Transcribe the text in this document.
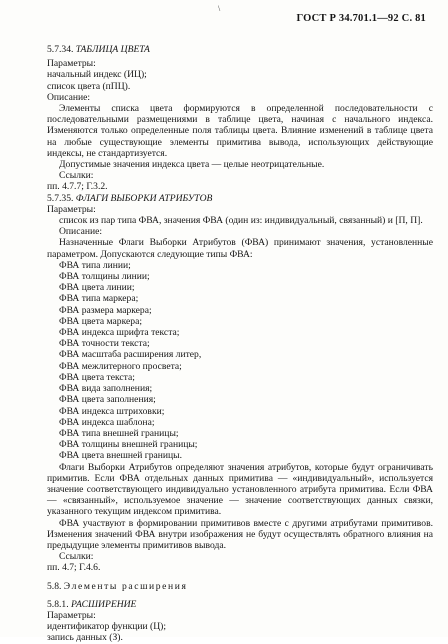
\
ГОСТ Р 34.701.1—92 С. 81
5.7.34. ТАБЛИЦА ЦВЕТА
Параметры:
начальный индекс (ИЦ);
список цвета (пПЦ).
Описание:
Элементы списка цвета формируются в определенной последовательности с последовательными размещениями в таблице цвета, начиная с начального индекса. Изменяются только определенные поля таблицы цвета. Влияние изменений в таблице цвета на любые существующие элементы примитива вывода, использующих действующие индексы, не стандартизуется.
Допустимые значения индекса цвета — целые неотрицательные.
Ссылки:
пп. 4.7.7; Г.3.2.
5.7.35. ФЛАГИ ВЫБОРКИ АТРИБУТОВ
Параметры:
список из пар типа ФВА, значения ФВА (один из: индивидуальный, связанный) и [П, П].
Описание:
Назначенные Флаги Выборки Атрибутов (ФВА) принимают значения, установленные параметром. Допускаются следующие типы ФВА:
ФВА типа линии;
ФВА толщины линии;
ФВА цвета линии;
ФВА типа маркера;
ФВА размера маркера;
ФВА цвета маркера;
ФВА индекса шрифта текста;
ФВА точности текста;
ФВА масштаба расширения литер,
ФВА межлитерного просвета;
ФВА цвета текста;
ФВА вида заполнения;
ФВА цвета заполнения;
ФВА индекса штриховки;
ФВА индекса шаблона;
ФВА типа внешней границы;
ФВА толщины внешней границы;
ФВА цвета внешней границы.
Флаги Выборки Атрибутов определяют значения атрибутов, которые будут ограничивать примитив. Если ФВА отдельных данных примитива — «индивидуальный», используется значение соответствующего индивидуально установленного атрибута примитива. Если ФВА — «связанный», используемое значение — значение соответствующих данных связки, указанного текущим индексом примитива.
ФВА участвуют в формировании примитивов вместе с другими атрибутами примитивов. Изменения значений ФВА внутри изображения не будут осуществлять обратного влияния на предыдущие элементы примитивов вывода.
Ссылки:
пп. 4.7; Г.4.6.
5.8. Элементы расширения
5.8.1. РАСШИРЕНИЕ
Параметры:
идентификатор функции (Ц);
запись данных (З).
